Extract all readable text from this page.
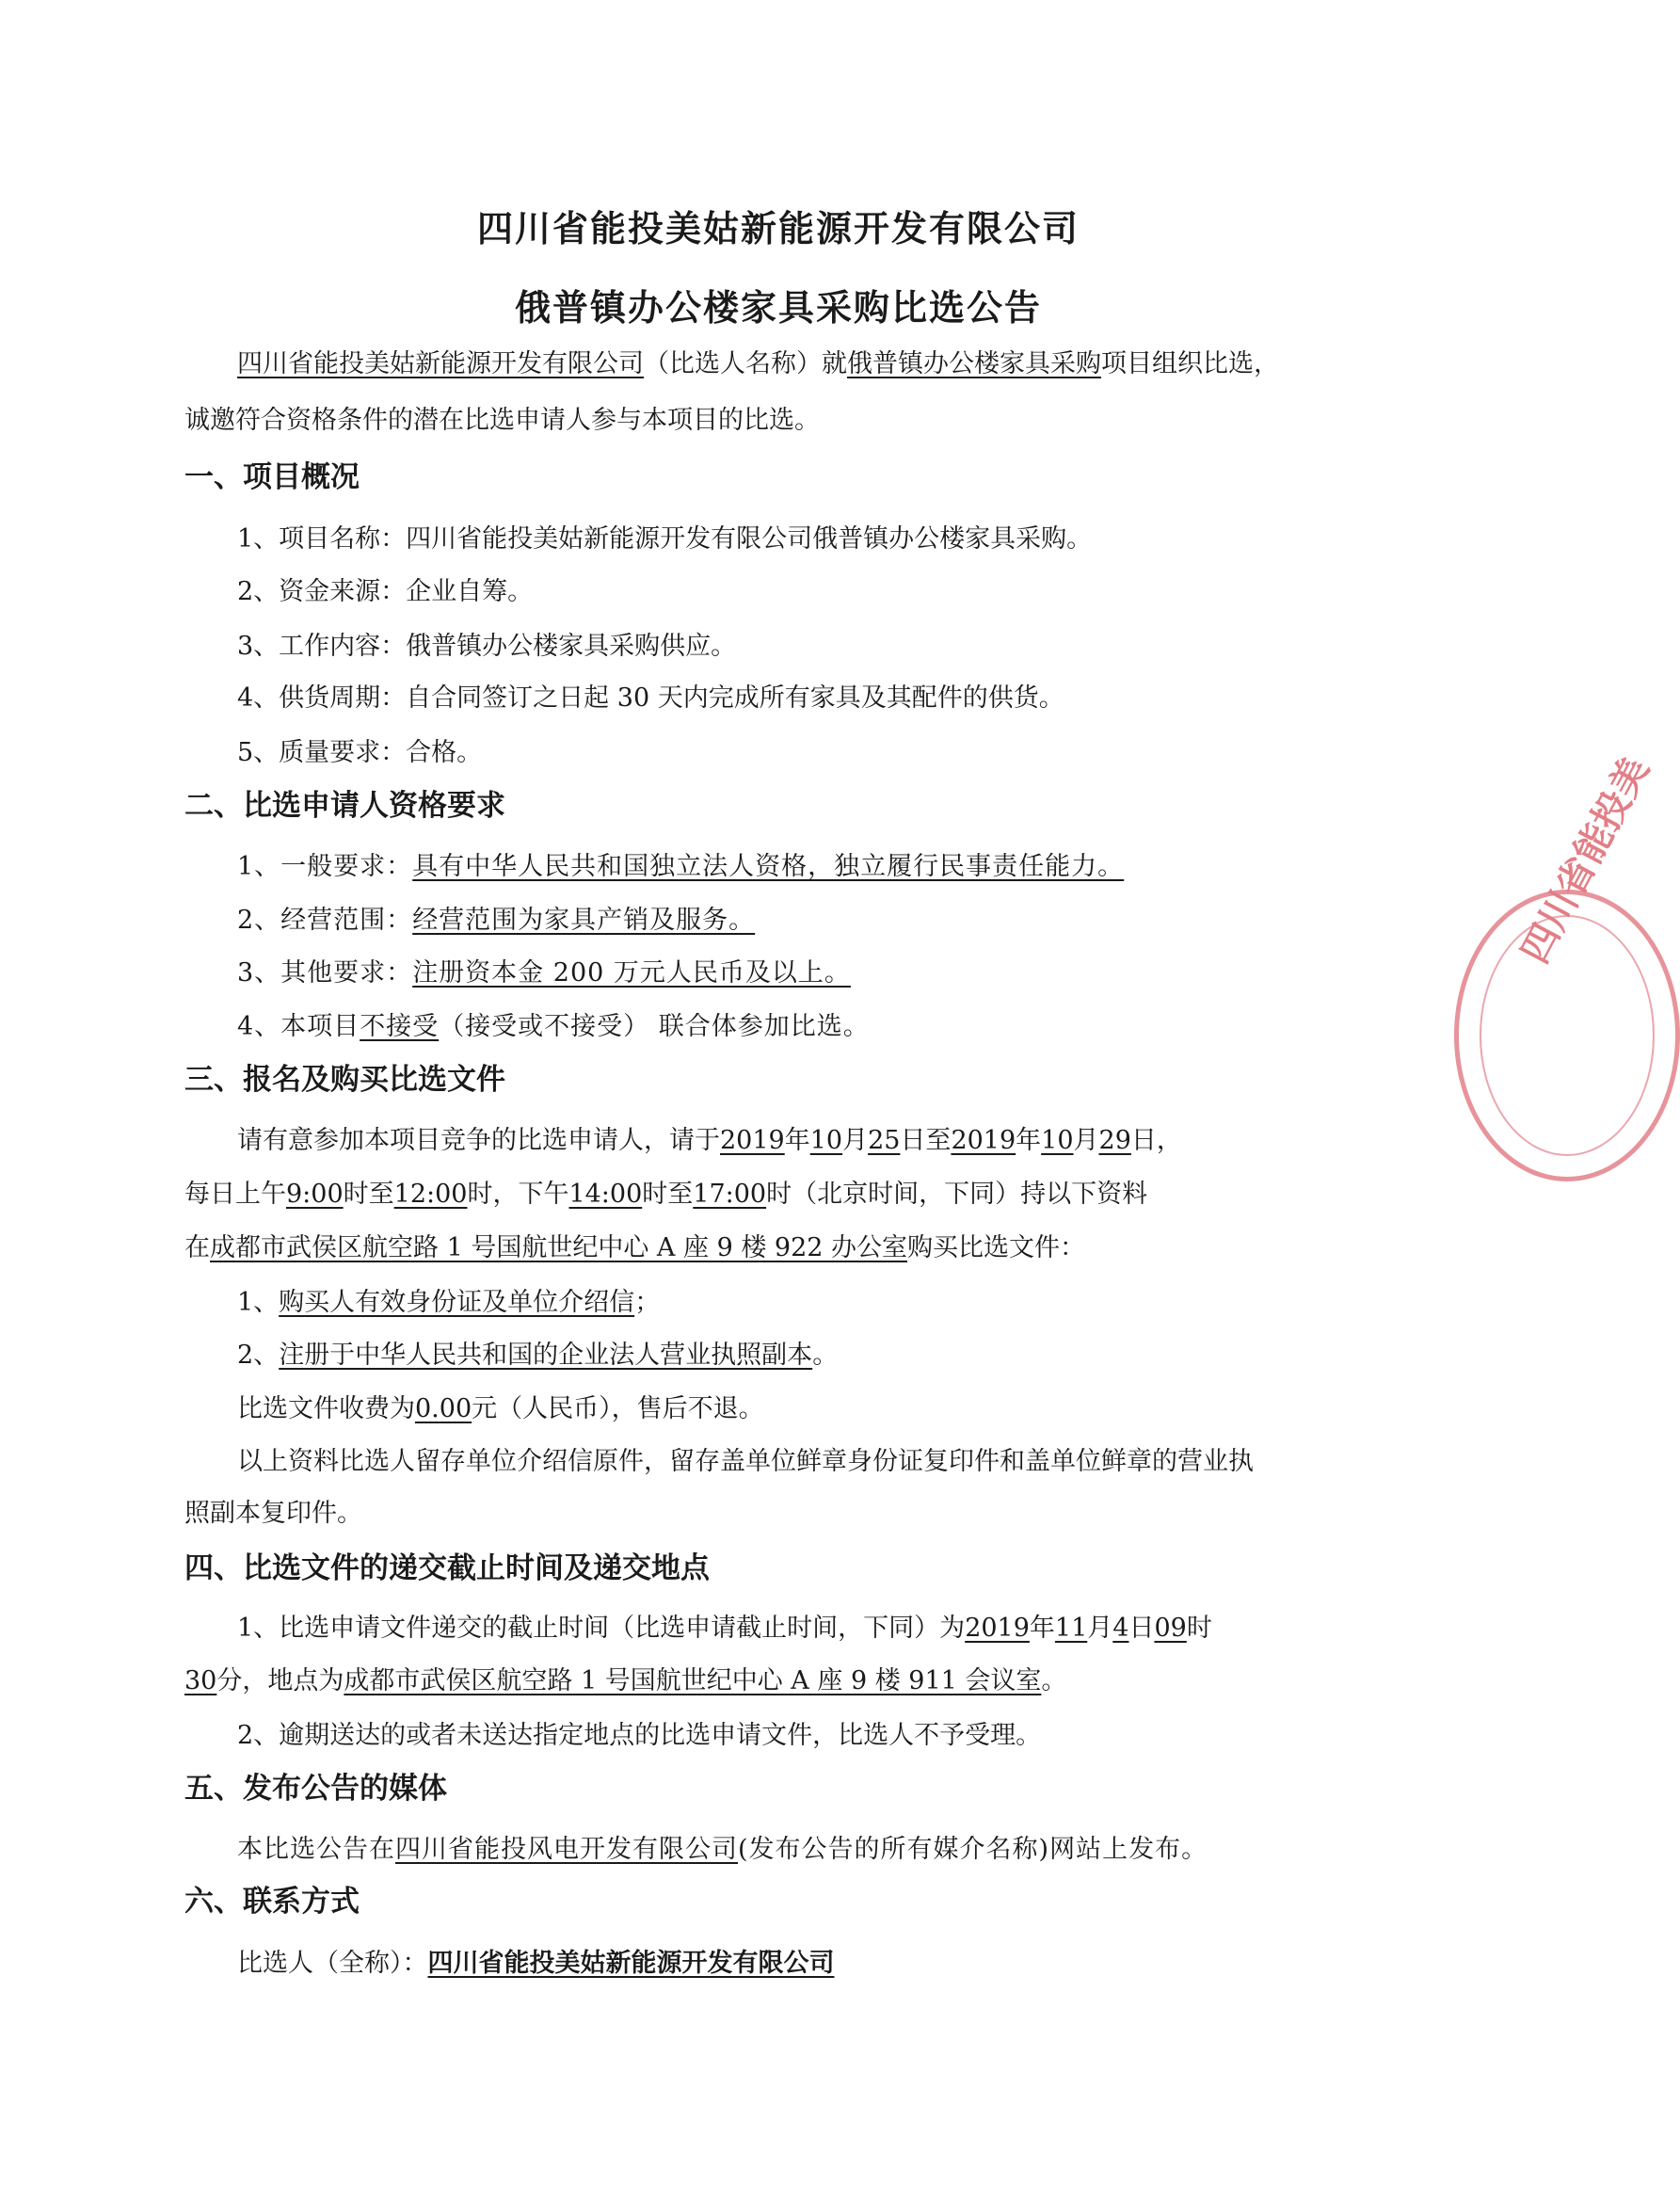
四川省能投美姑新能源开发有限公司
俄普镇办公楼家具采购比选公告
四川省能投美姑新能源开发有限公司（比选人名称）就俄普镇办公楼家具采购项目组织比选，
诚邀符合资格条件的潜在比选申请人参与本项目的比选。
一、项目概况
1、项目名称：四川省能投美姑新能源开发有限公司俄普镇办公楼家具采购。
2、资金来源：企业自筹。
3、工作内容：俄普镇办公楼家具采购供应。
4、供货周期：自合同签订之日起 30 天内完成所有家具及其配件的供货。
5、质量要求：合格。
二、比选申请人资格要求
1、一般要求：具有中华人民共和国独立法人资格，独立履行民事责任能力。
2、经营范围：经营范围为家具产销及服务。
3、其他要求：注册资本金 200 万元人民币及以上。
4、本项目不接受（接受或不接受） 联合体参加比选。
三、报名及购买比选文件
请有意参加本项目竞争的比选申请人，请于2019年10月25日至2019年10月29日，
每日上午9:00时至12:00时，下午14:00时至17:00时（北京时间，下同）持以下资料
在成都市武侯区航空路 1 号国航世纪中心 A 座 9 楼 922 办公室购买比选文件：
1、购买人有效身份证及单位介绍信；
2、注册于中华人民共和国的企业法人营业执照副本。
比选文件收费为0.00元（人民币），售后不退。
以上资料比选人留存单位介绍信原件，留存盖单位鲜章身份证复印件和盖单位鲜章的营业执
照副本复印件。
四、比选文件的递交截止时间及递交地点
1、比选申请文件递交的截止时间（比选申请截止时间，下同）为2019年11月4日09时
30分，地点为成都市武侯区航空路 1 号国航世纪中心 A 座 9 楼 911 会议室。
2、逾期送达的或者未送达指定地点的比选申请文件，比选人不予受理。
五、发布公告的媒体
本比选公告在四川省能投风电开发有限公司(发布公告的所有媒介名称)网站上发布。
六、联系方式
比选人（全称）：四川省能投美姑新能源开发有限公司
四川省能投美
